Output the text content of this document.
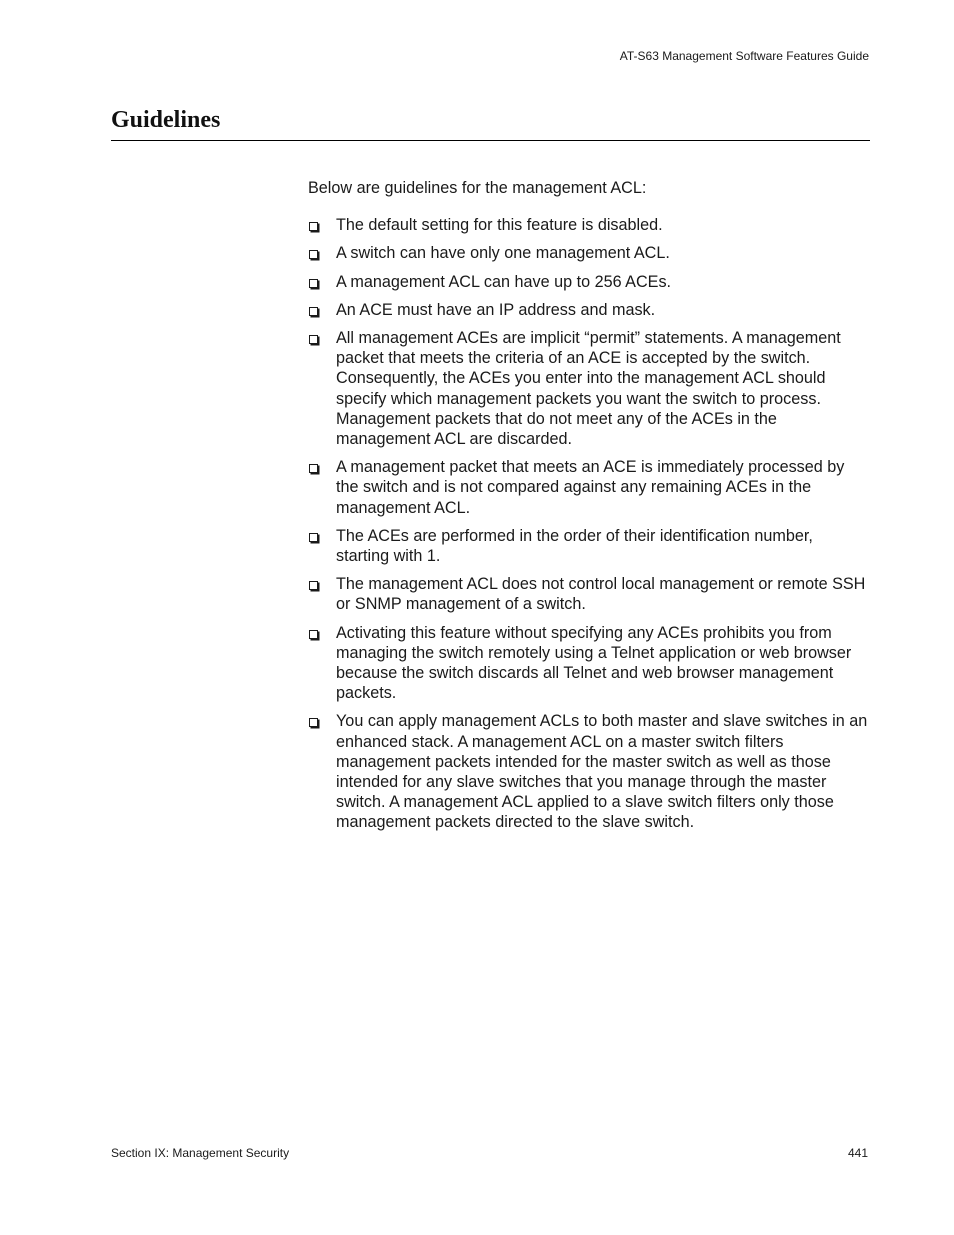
AT-S63 Management Software Features Guide
Guidelines

Below are guidelines for the management ACL:

The default setting for this feature is disabled.
A switch can have only one management ACL.
A management ACL can have up to 256 ACEs.
An ACE must have an IP address and mask.
All management ACEs are implicit “permit” statements. A management packet that meets the criteria of an ACE is accepted by the switch. Consequently, the ACEs you enter into the management ACL should specify which management packets you want the switch to process. Management packets that do not meet any of the ACEs in the management ACL are discarded.
A management packet that meets an ACE is immediately processed by the switch and is not compared against any remaining ACEs in the management ACL.
The ACEs are performed in the order of their identification number, starting with 1.
The management ACL does not control local management or remote SSH or SNMP management of a switch.
Activating this feature without specifying any ACEs prohibits you from managing the switch remotely using a Telnet application or web browser because the switch discards all Telnet and web browser management packets.
You can apply management ACLs to both master and slave switches in an enhanced stack. A management ACL on a master switch filters management packets intended for the master switch as well as those intended for any slave switches that you manage through the master switch. A management ACL applied to a slave switch filters only those management packets directed to the slave switch.
Section IX: Management Security	441
